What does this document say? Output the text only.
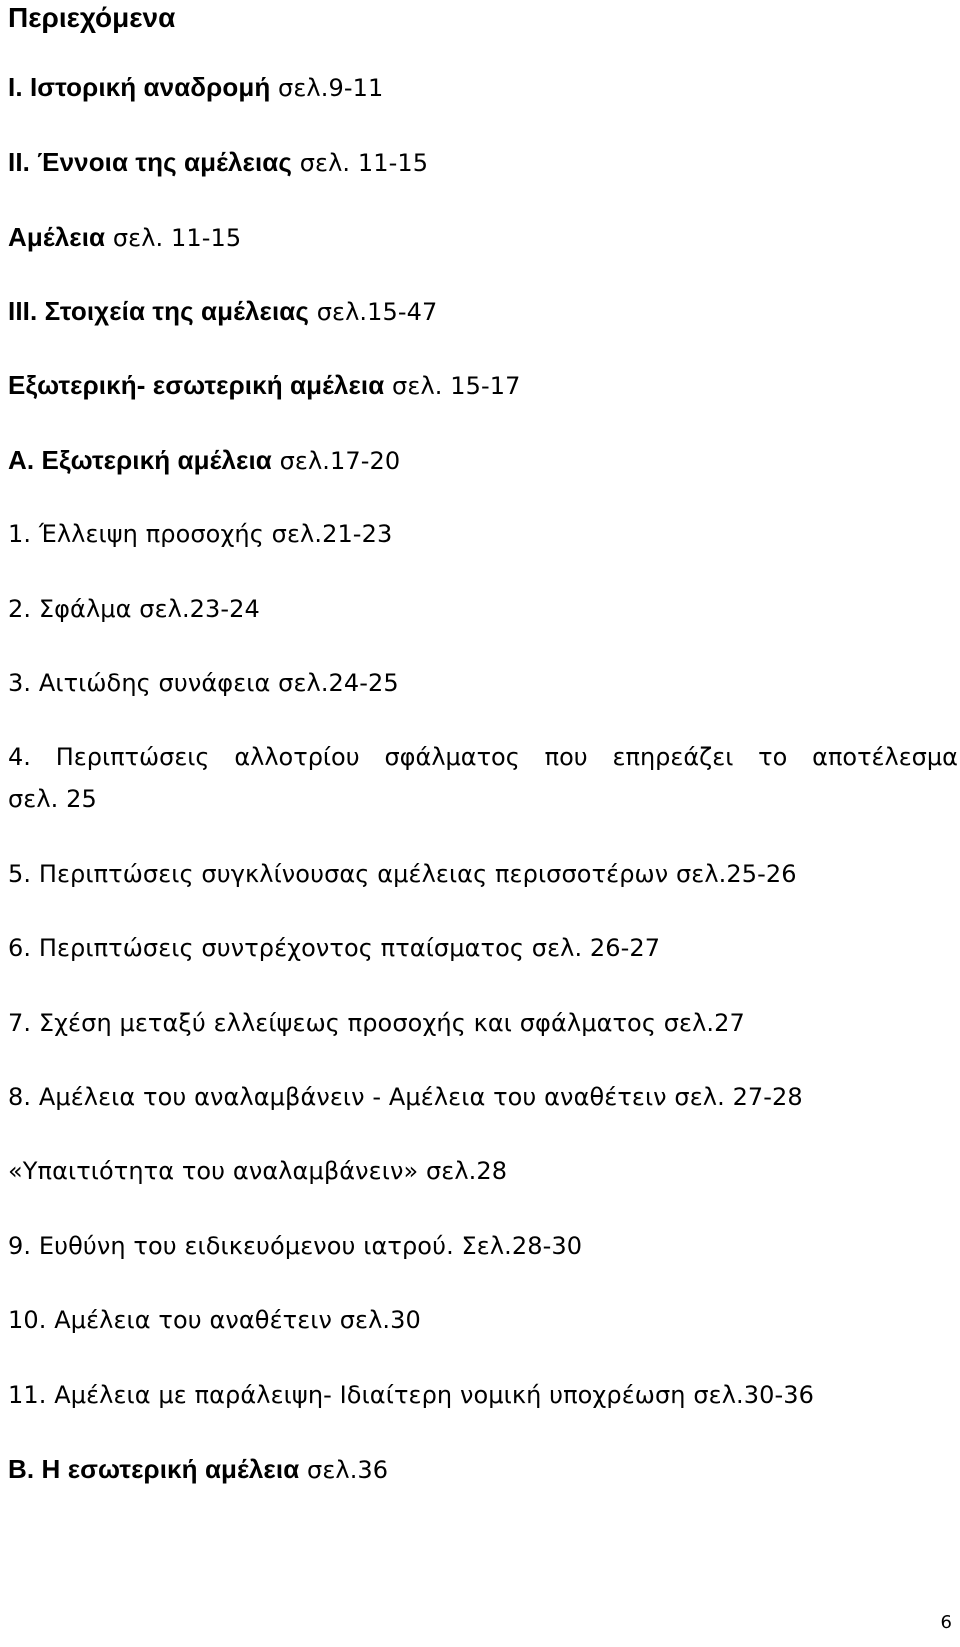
Περιεχόμενα
I. Ιστορική αναδρομή σελ.9-11
ΙΙ. Έννοια της αμέλειας σελ. 11-15
Αμέλεια σελ. 11-15
ΙΙΙ. Στοιχεία της αμέλειας σελ.15-47
Εξωτερική- εσωτερική αμέλεια σελ. 15-17
Α. Εξωτερική αμέλεια σελ.17-20
1. Έλλειψη προσοχής σελ.21-23
2. Σφάλμα σελ.23-24
3. Αιτιώδης συνάφεια σελ.24-25
4. Περιπτώσεις αλλοτρίου σφάλματος που επηρεάζει το αποτέλεσμα
σελ. 25
5. Περιπτώσεις συγκλίνουσας αμέλειας περισσοτέρων σελ.25-26
6. Περιπτώσεις συντρέχοντος πταίσματος σελ. 26-27
7. Σχέση μεταξύ ελλείψεως προσοχής και σφάλματος σελ.27
8. Αμέλεια του αναλαμβάνειν - Αμέλεια του αναθέτειν σελ. 27-28
«Υπαιτιότητα του αναλαμβάνειν» σελ.28
9. Ευθύνη του ειδικευόμενου ιατρού. Σελ.28-30
10. Αμέλεια του αναθέτειν σελ.30
11. Αμέλεια με παράλειψη- Ιδιαίτερη νομική υποχρέωση σελ.30-36
Β. Η εσωτερική αμέλεια σελ.36
6
